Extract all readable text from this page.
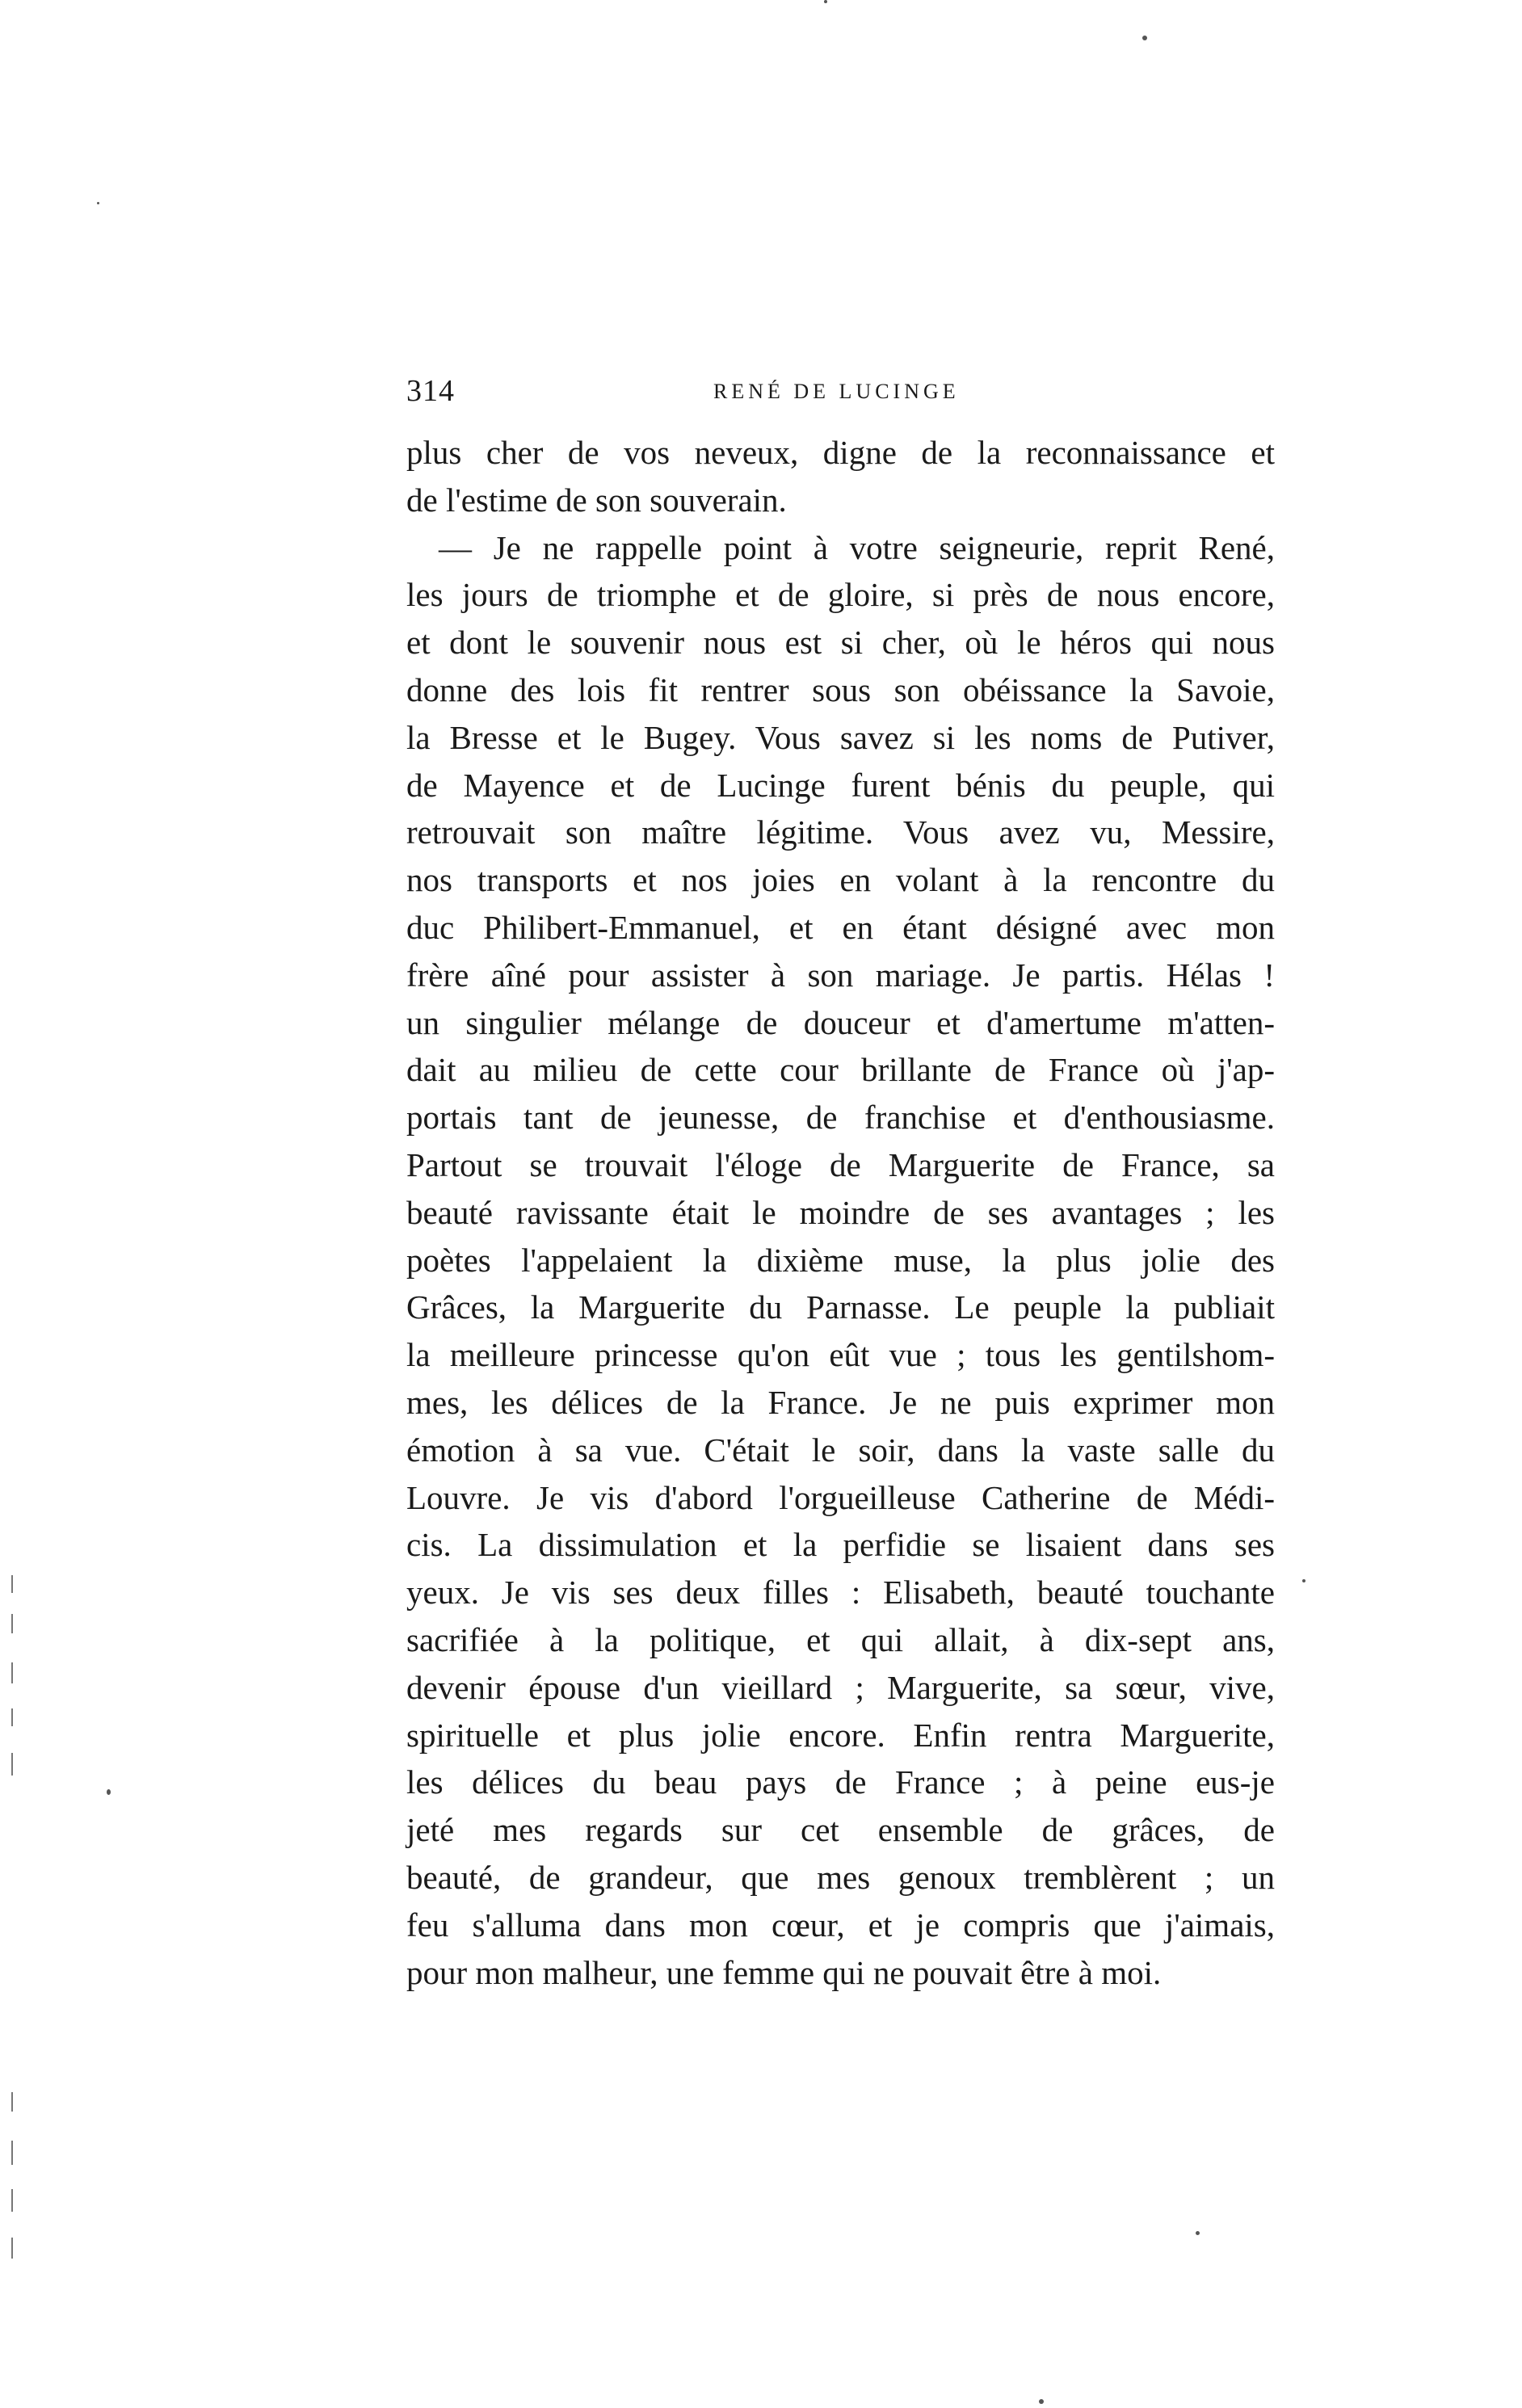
314	RENÉ DE LUCINGE
plus cher de vos neveux, digne de la reconnaissance et
de l'estime de son souverain.
— Je ne rappelle point à votre seigneurie, reprit René,
les jours de triomphe et de gloire, si près de nous encore,
et dont le souvenir nous est si cher, où le héros qui nous
donne des lois fit rentrer sous son obéissance la Savoie,
la Bresse et le Bugey. Vous savez si les noms de Putiver,
de Mayence et de Lucinge furent bénis du peuple, qui
retrouvait son maître légitime. Vous avez vu, Messire,
nos transports et nos joies en volant à la rencontre du
duc Philibert-Emmanuel, et en étant désigné avec mon
frère aîné pour assister à son mariage. Je partis. Hélas !
un singulier mélange de douceur et d'amertume m'atten-
dait au milieu de cette cour brillante de France où j'ap-
portais tant de jeunesse, de franchise et d'enthousiasme.
Partout se trouvait l'éloge de Marguerite de France, sa
beauté ravissante était le moindre de ses avantages ; les
poètes l'appelaient la dixième muse, la plus jolie des
Grâces, la Marguerite du Parnasse. Le peuple la publiait
la meilleure princesse qu'on eût vue ; tous les gentilshom-
mes, les délices de la France. Je ne puis exprimer mon
émotion à sa vue. C'était le soir, dans la vaste salle du
Louvre. Je vis d'abord l'orgueilleuse Catherine de Médi-
cis. La dissimulation et la perfidie se lisaient dans ses
yeux. Je vis ses deux filles : Elisabeth, beauté touchante
sacrifiée à la politique, et qui allait, à dix-sept ans,
devenir épouse d'un vieillard ; Marguerite, sa sœur, vive,
spirituelle et plus jolie encore. Enfin rentra Marguerite,
les délices du beau pays de France ; à peine eus-je
jeté mes regards sur cet ensemble de grâces, de
beauté, de grandeur, que mes genoux tremblèrent ; un
feu s'alluma dans mon cœur, et je compris que j'aimais,
pour mon malheur, une femme qui ne pouvait être à moi.
